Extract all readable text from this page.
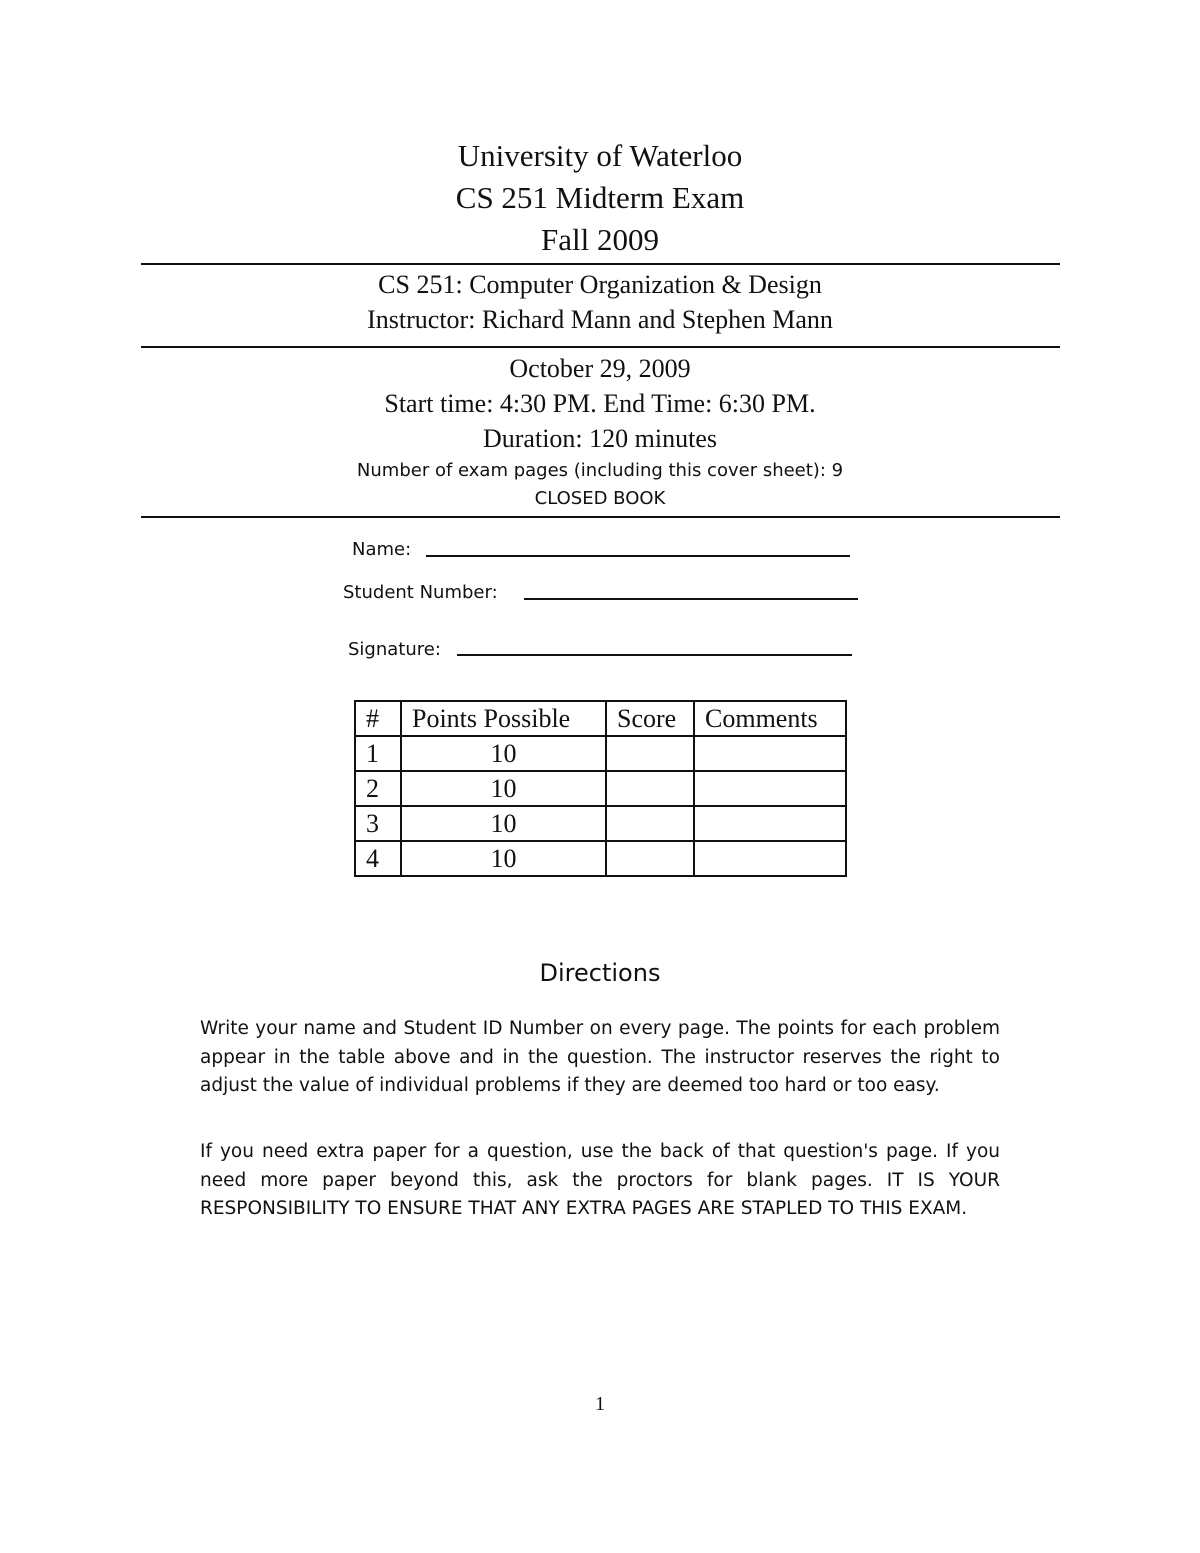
University of Waterloo
CS 251 Midterm Exam
Fall 2009
CS 251: Computer Organization & Design
Instructor: Richard Mann and Stephen Mann
October 29, 2009
Start time: 4:30 PM. End Time: 6:30 PM.
Duration: 120 minutes
Number of exam pages (including this cover sheet): 9
CLOSED BOOK
Name:
Student Number:
Signature:
#	Points Possible	Score	Comments
1	10		
2	10		
3	10		
4	10		
Directions
Write your name and Student ID Number on every page. The points for each problem appear in the table above and in the question. The instructor reserves the right to adjust the value of individual problems if they are deemed too hard or too easy.
If you need extra paper for a question, use the back of that question's page. If you need more paper beyond this, ask the proctors for blank pages. IT IS YOUR RESPONSIBILITY TO ENSURE THAT ANY EXTRA PAGES ARE STAPLED TO THIS EXAM.
1
